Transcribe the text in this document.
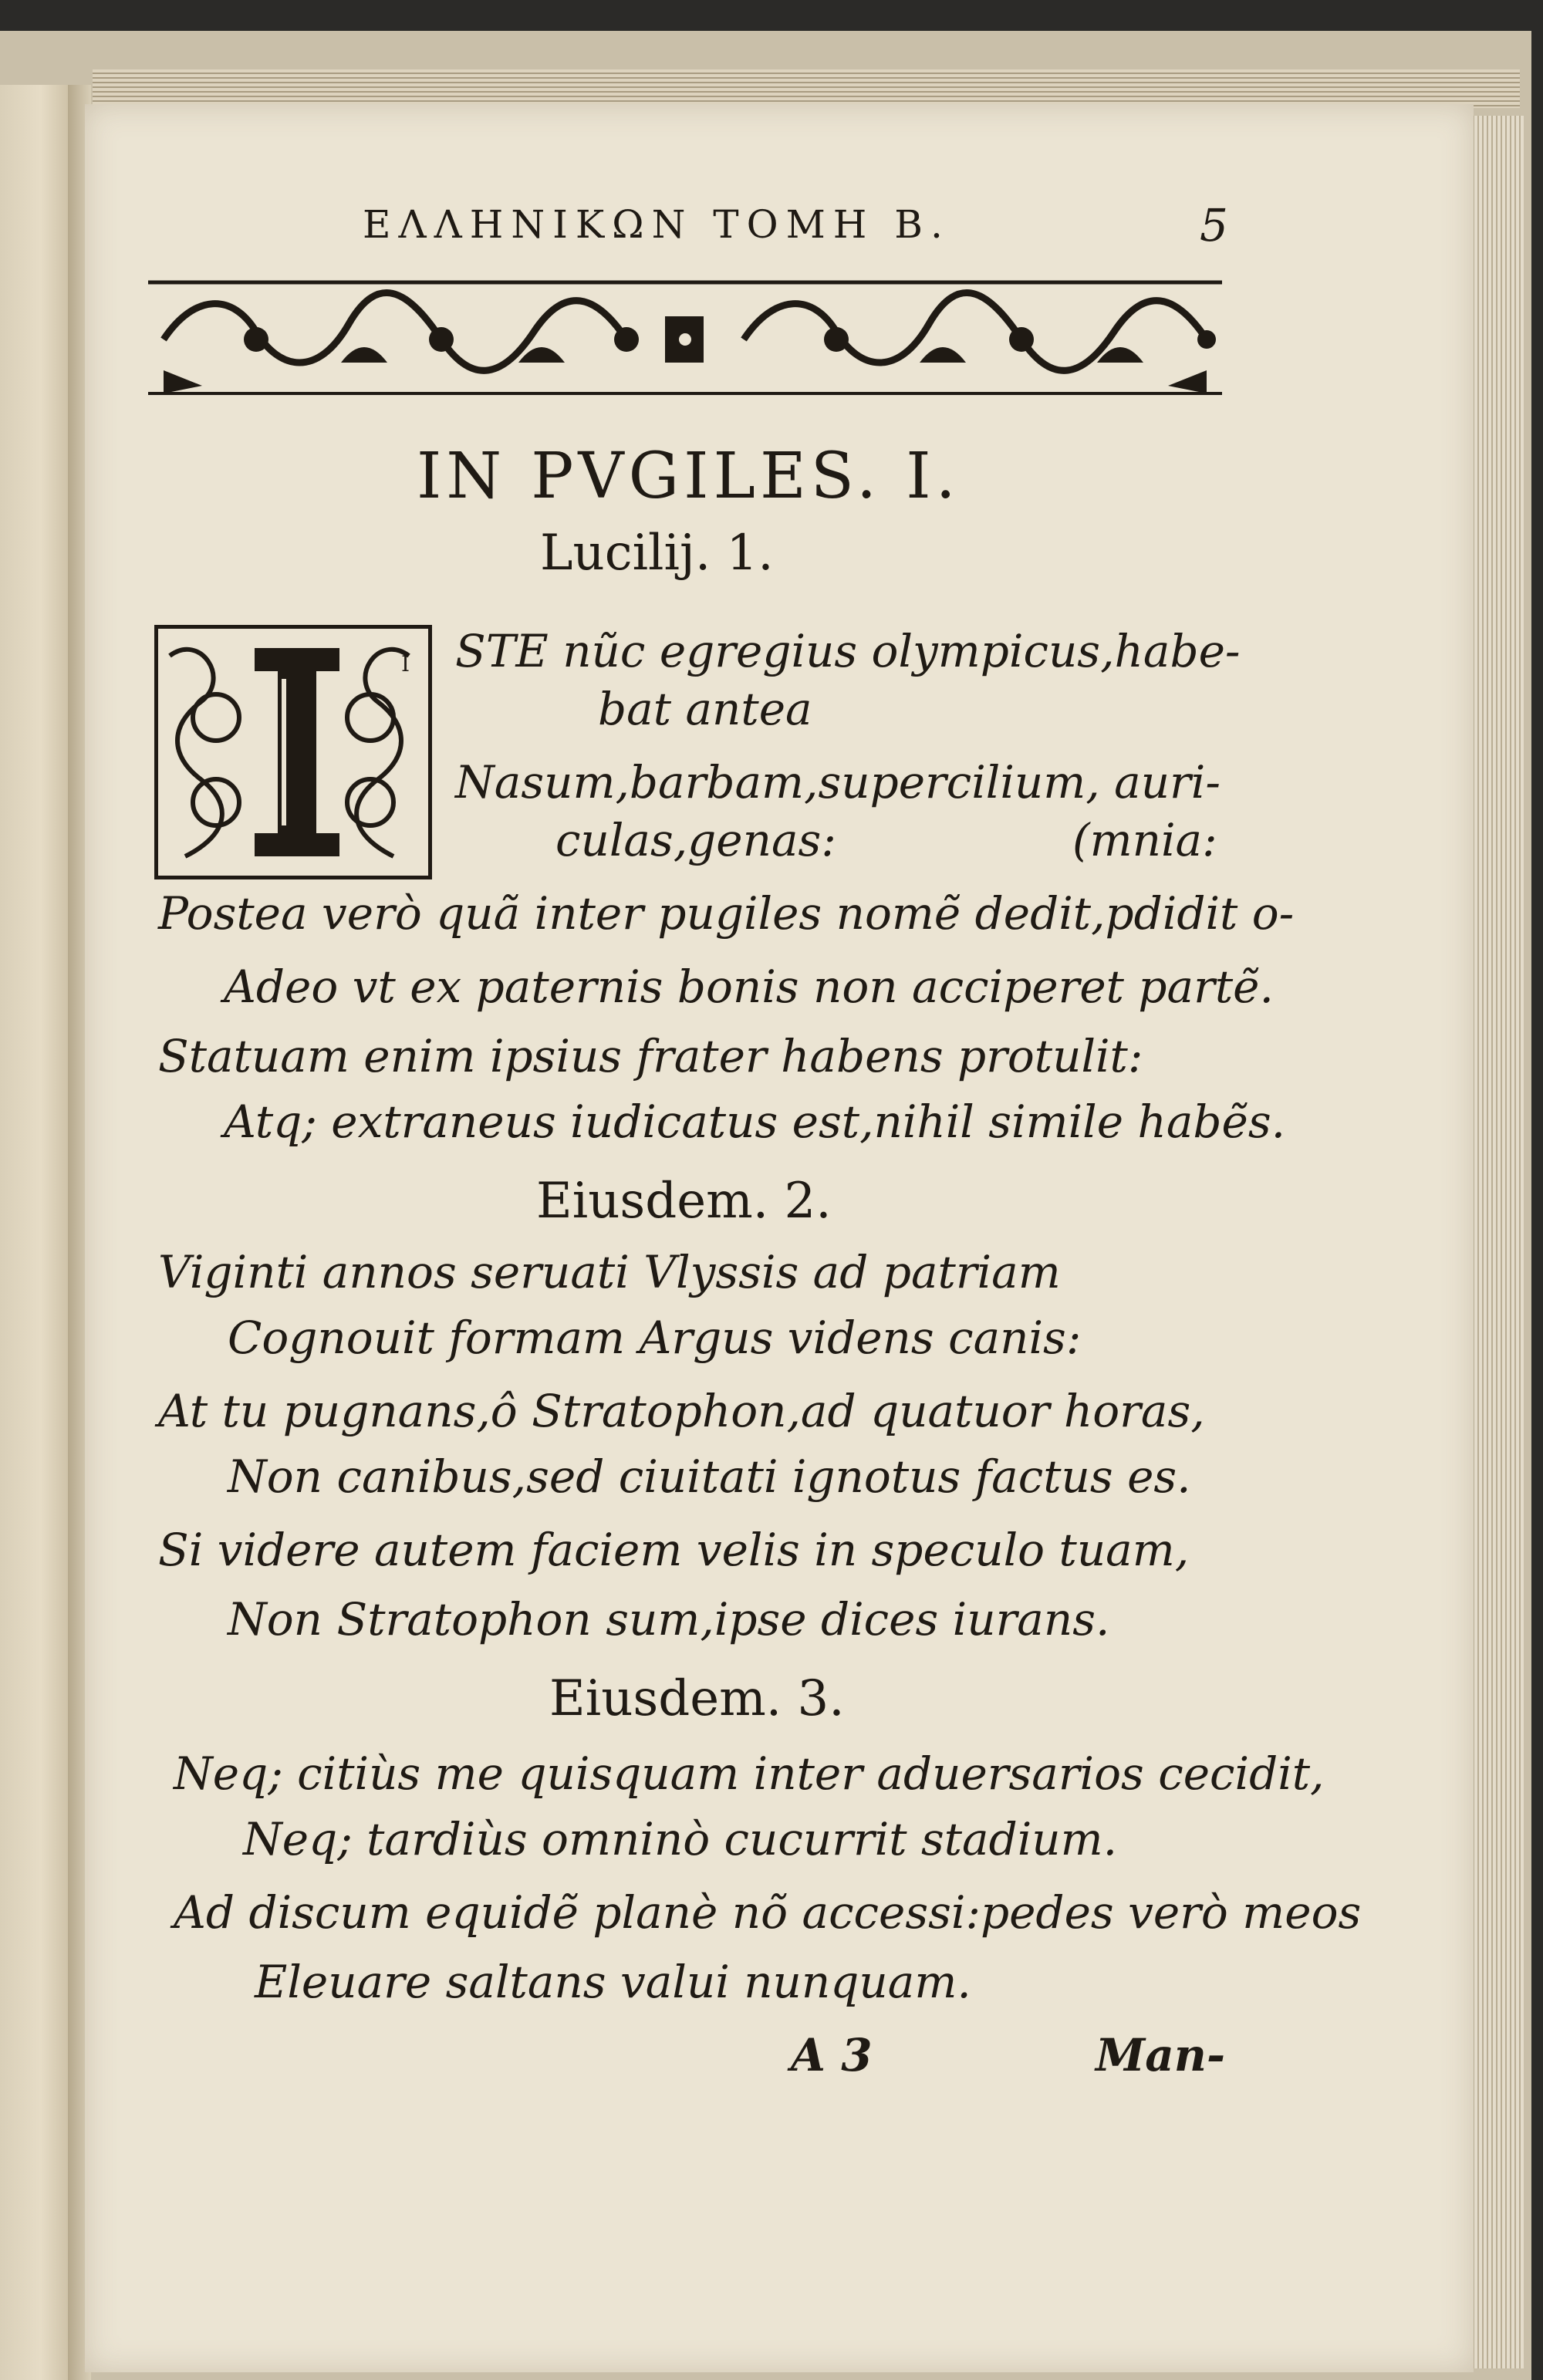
ΕΛΛΗΝΙΚΩΝ ΤΟΜΗ Β.	5
IN PVGILES. I.
Lucilij. 1.
I STE nũc egregius olympicus,habe-
bat antea
Nasum,barbam,supercilium, auri-
culas,genas:	(mnia:
Postea verò quã inter pugiles nomẽ dedit,pdidit o-
Adeo vt ex paternis bonis non acciperet partẽ.
Statuam enim ipsius frater habens protulit:
Atq; extraneus iudicatus est,nihil simile habẽs.
Eiusdem. 2.
Viginti annos seruati Vlyssis ad patriam
Cognouit formam Argus videns canis:
At tu pugnans,ô Stratophon,ad quatuor horas,
Non canibus,sed ciuitati ignotus factus es.
Si videre autem faciem velis in speculo tuam,
Non Stratophon sum,ipse dices iurans.
Eiusdem. 3.
Neq; citiùs me quisquam inter aduersarios cecidit,
Neq; tardiùs omninò cucurrit stadium.
Ad discum equidẽ planè nõ accessi:pedes verò meos
Eleuare saltans valui nunquam.
A 3	Man-
